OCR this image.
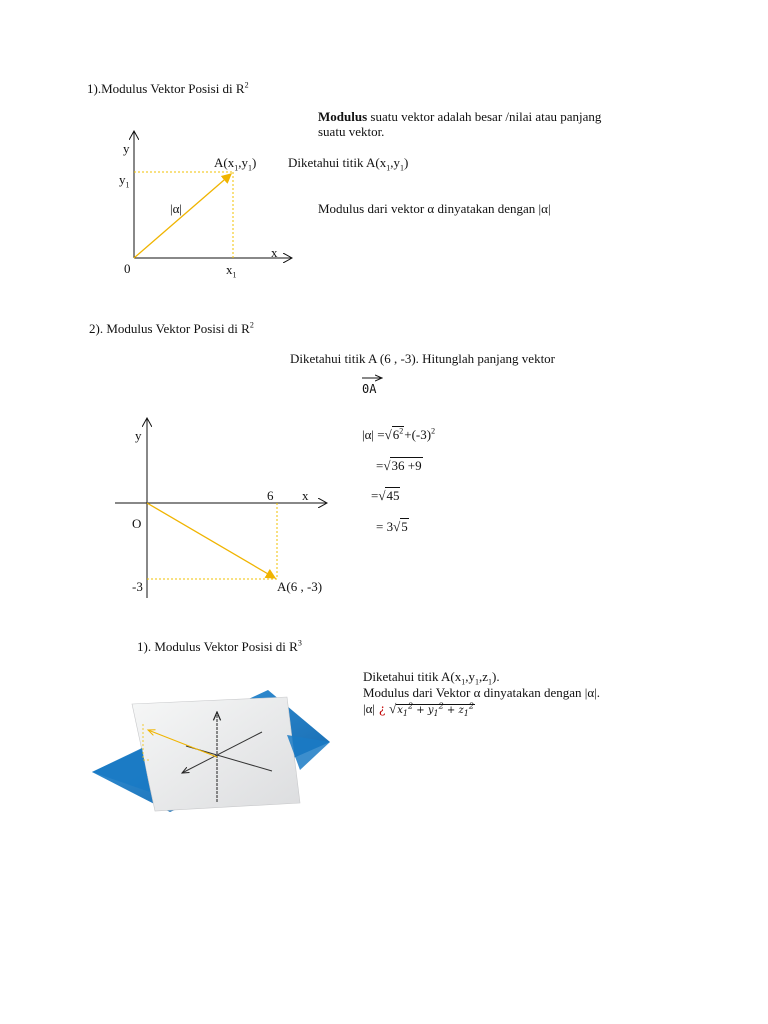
1).Modulus Vektor Posisi di $R^2$
Modulus suatu vektor adalah besar /nilai atau panjang
suatu vektor.
Diketahui titik $A(x_1,y_1)$
Modulus dari vektor α dinyatakan dengan |α|
y
$y_1$
$A(x_1,y_1)$
|α|
x
0	$x_1$
2). Modulus Vektor Posisi di $R^2$
Diketahui titik A (6 , -3). Hitunglah panjang vektor
0A
$|\alpha| =√6^2+(-3)^2$
=√36 +9
=√45
= 3√5
y
6 x
O
-3	A(6 , -3)
1). Modulus Vektor Posisi di $R^3$
Diketahui titik $A(x_1,y_1,z_1)$.
Modulus dari Vektor α dinyatakan dengan |α|.
|α| ¿ $√x_1^2 + y_1^2 + z_1^2$
